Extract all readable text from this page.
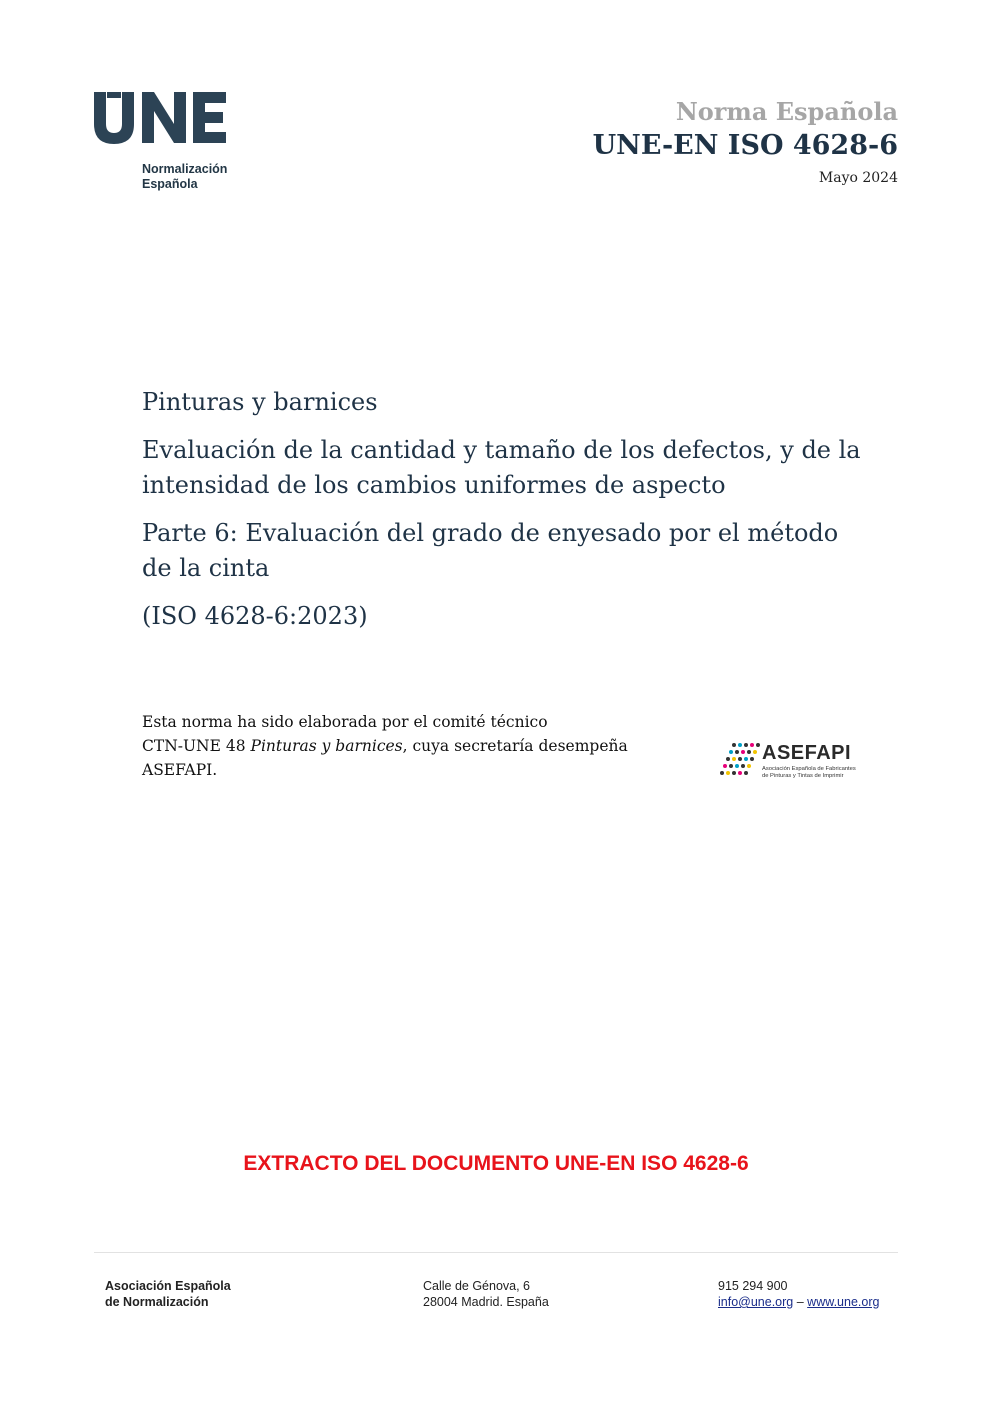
Normalización
Española
Norma Española
UNE-EN ISO 4628-6
Mayo 2024

Pinturas y barnices

Evaluación de la cantidad y tamaño de los defectos, y de la
intensidad de los cambios uniformes de aspecto

Parte 6: Evaluación del grado de enyesado por el método
de la cinta

(ISO 4628-6:2023)

Esta norma ha sido elaborada por el comité técnico
CTN-UNE 48 Pinturas y barnices, cuya secretaría desempeña
ASEFAPI.
ASEFAPI
Asociación Española de Fabricantes
de Pinturas y Tintas de Imprimir
EXTRACTO DEL DOCUMENTO UNE-EN ISO 4628-6
Asociación Española
de Normalización
Calle de Génova, 6
28004 Madrid. España
915 294 900
info@une.org – www.une.org
